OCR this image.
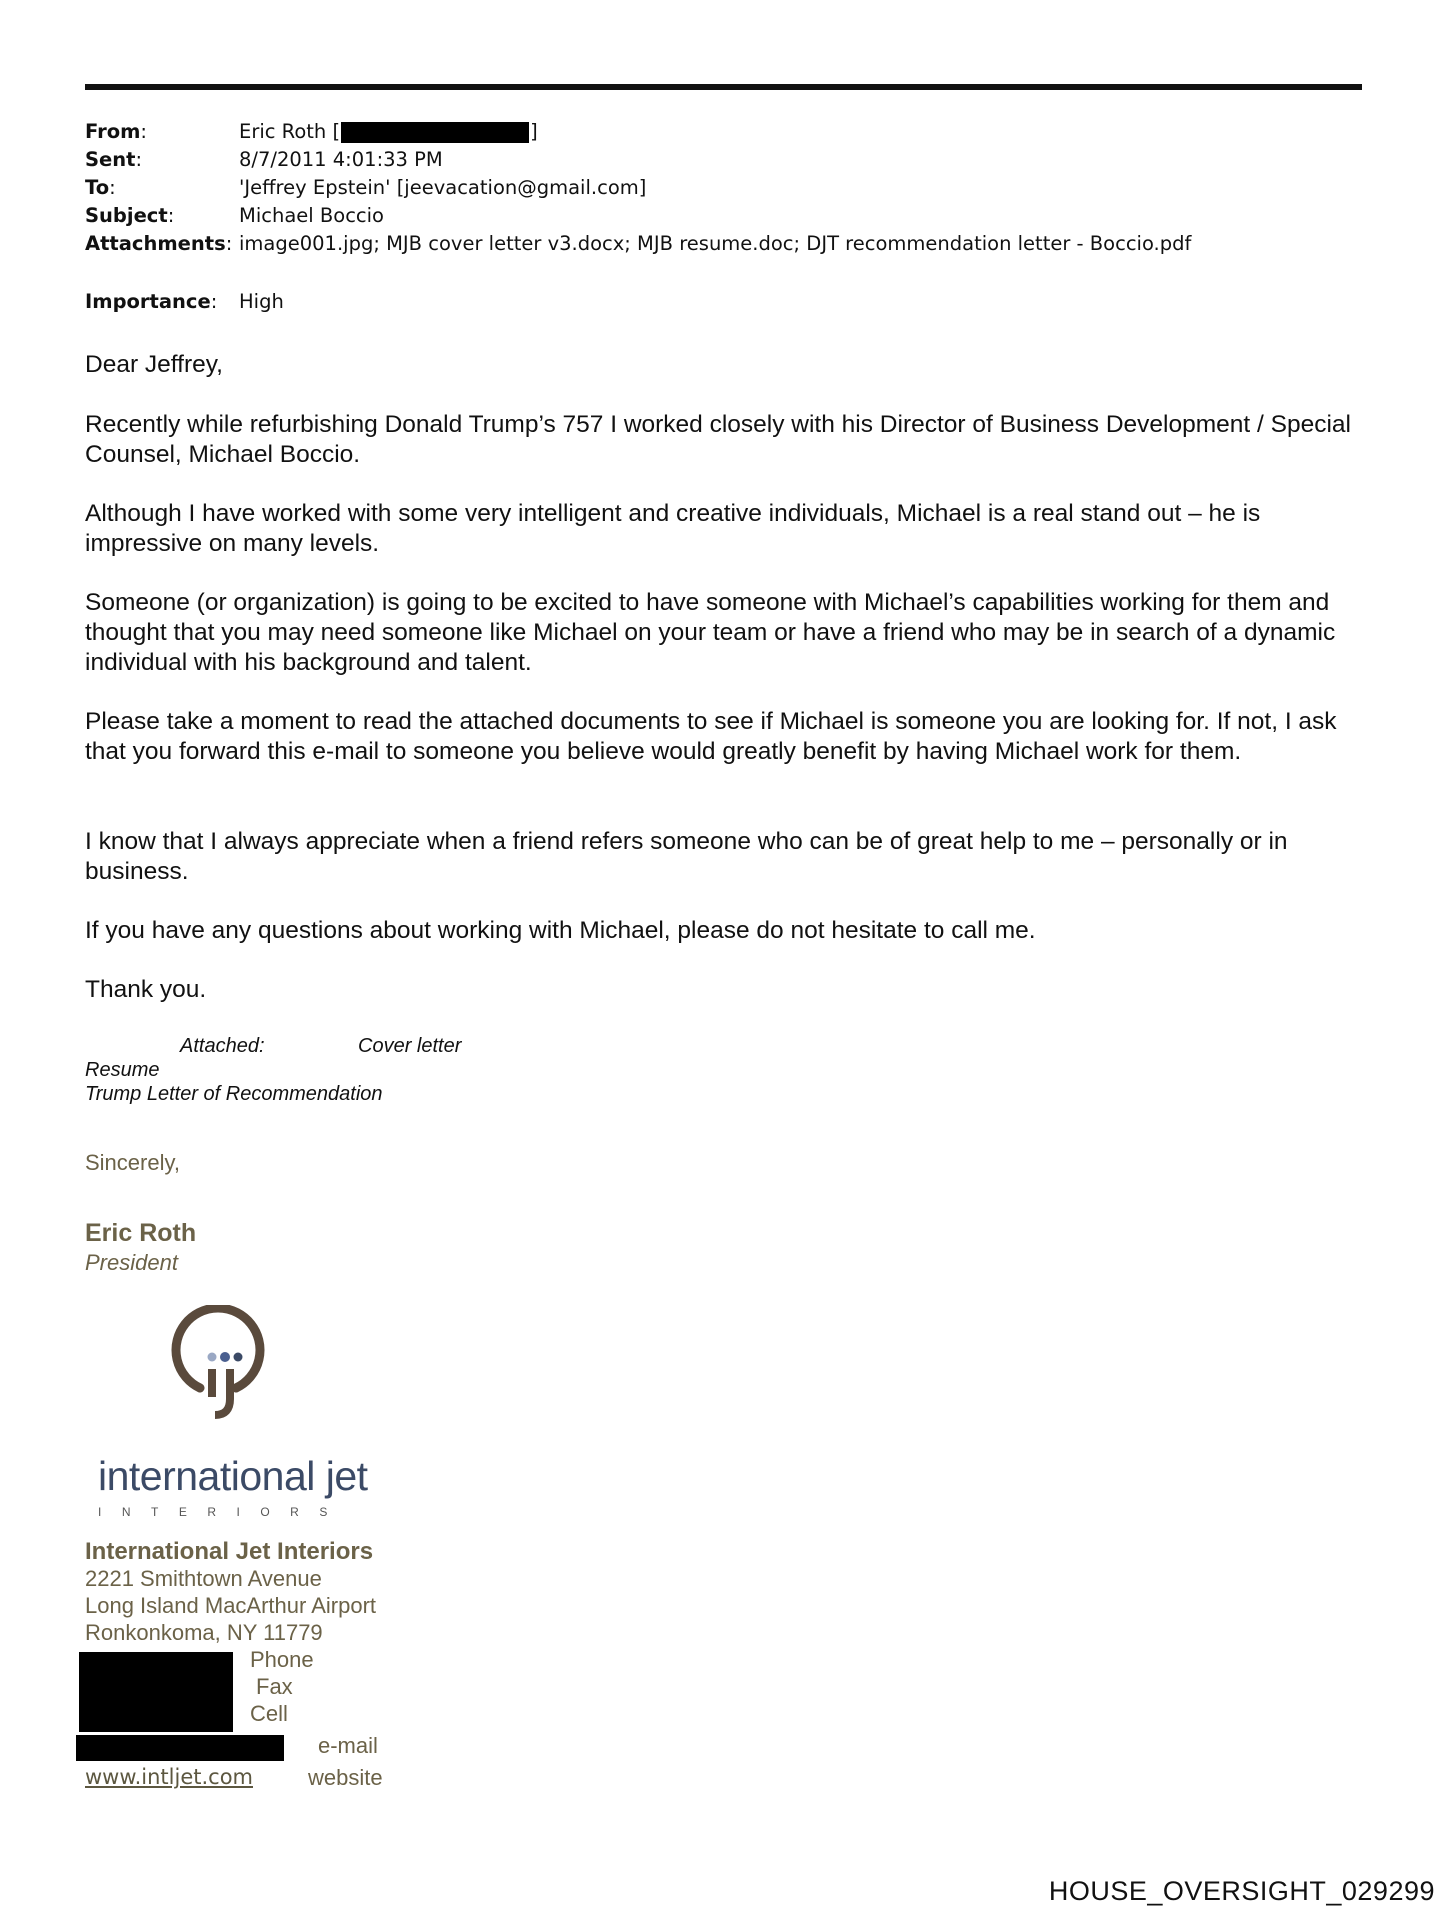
From:	Eric Roth [	]
Sent:	8/7/2011 4:01:33 PM
To:	'Jeffrey Epstein' [jeevacation@gmail.com]
Subject:	Michael Boccio
Attachments: image001.jpg; MJB cover letter v3.docx; MJB resume.doc; DJT recommendation letter - Boccio.pdf
Importance: High
Dear Jeffrey,
Recently while refurbishing Donald Trump’s 757 I worked closely with his Director of Business Development / Special Counsel, Michael Boccio.
Although I have worked with some very intelligent and creative individuals, Michael is a real stand out – he is impressive on many levels.
Someone (or organization) is going to be excited to have someone with Michael’s capabilities working for them and thought that you may need someone like Michael on your team or have a friend who may be in search of a dynamic individual with his background and talent.
Please take a moment to read the attached documents to see if Michael is someone you are looking for. If not, I ask that you forward this e-mail to someone you believe would greatly benefit by having Michael work for them.
I know that I always appreciate when a friend refers someone who can be of great help to me – personally or in business.
If you have any questions about working with Michael, please do not hesitate to call me.
Thank you.
Attached:	Cover letter
Resume
Trump Letter of Recommendation
Sincerely,
Eric Roth
President
international jet
INTERIORS
International Jet Interiors
2221 Smithtown Avenue
Long Island MacArthur Airport
Ronkonkoma, NY 11779
Phone
Fax
Cell
e-mail
www.intljet.com	website
HOUSE_OVERSIGHT_029299
